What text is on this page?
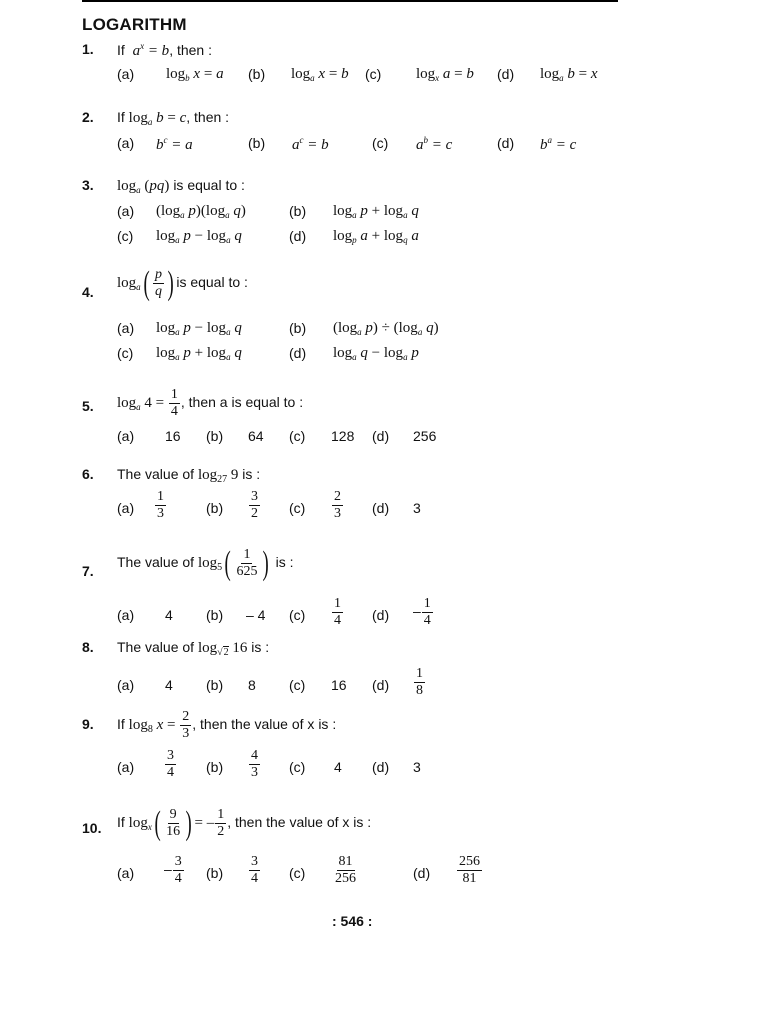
LOGARITHM
1. If $a^x = b$, then :
(a) $\log_b x = a$ (b) $\log_a x = b$ (c) $\log_x a = b$ (d) $\log_a b = x$
2. If $\log_a b = c$, then :
(a) $b^c = a$	(b) $a^c = b$	(c) $a^b = c$	(d) $b^a = c$
3. $\log_a (pq)$ is equal to :
(a) ($\log_a$ $p)(\log_a$ q)	(b) $\log_a p + \log_a q$
(c) $\log_a p - \log_a q$	(d) $\log_p a + \log_q a$
4.
$\log_a( \frac{p}{q}$ ) is equal to :
(a) $\log_a p - \log_a q$	(b) ($\log_a$ $p) \div (\log_a$ q)
(c) $\log_a p + \log_a q$	(d) $\log_a q - \log_a p$
5. $\log_a 4 = \frac{1}{4}$ , then a is equal to :
(a) 16 (b) 64 (c) 128 (d) 256
6. The value of $\log_{27} 9$ is :
$(a) \frac{1}{3}$	$(b) \frac{3}{2} (c) \frac{2}{3} (d)$ 3
7.
The value of $\log_5( \frac{1}{625}$ ) is :
(a) 4 (b) – 4 $(c) \frac{1}{4} (d) - \frac{1}{4}$
8. The value of $\log_{√2} 16$ is :
(a) 4 (b) 8 (c) 16 $(d) \frac{1}{8}$
9. If $\log_8 x = \frac{2}{3}$ , then the value of x is :
$(a) \frac{3}{4} (b) \frac{4}{3} (c)$ 4 (d) 3
10. If $\log_x( \frac{9}{16}$ ) = – $\frac{1}{2}$ , then the value of x is :
$(a) - \frac{3}{4} (b) \frac{3}{4} (c) \frac{81}{256}$	$(d) \frac{256}{81}$
: 546 :
